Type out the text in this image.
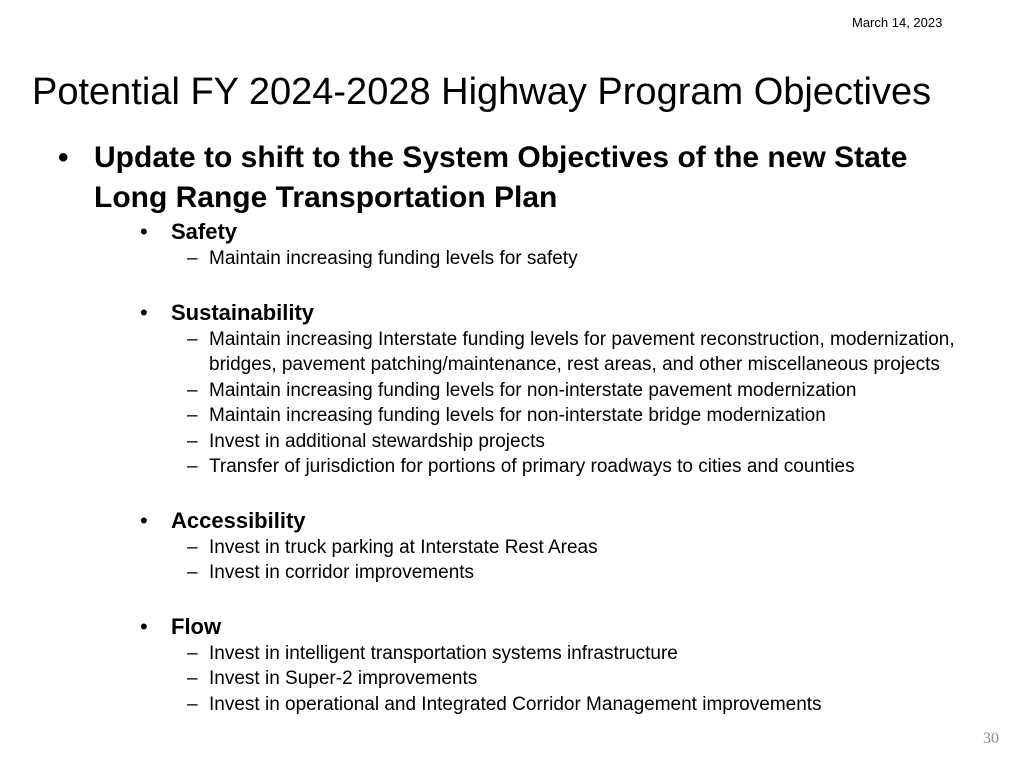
March 14, 2023
Potential FY 2024-2028 Highway Program Objectives
• Update to shift to the System Objectives of the new State Long Range Transportation Plan
• Safety
– Maintain increasing funding levels for safety
• Sustainability
– Maintain increasing Interstate funding levels for pavement reconstruction, modernization, bridges, pavement patching/maintenance, rest areas, and other miscellaneous projects
– Maintain increasing funding levels for non-interstate pavement modernization
– Maintain increasing funding levels for non-interstate bridge modernization
– Invest in additional stewardship projects
– Transfer of jurisdiction for portions of primary roadways to cities and counties
• Accessibility
– Invest in truck parking at Interstate Rest Areas
– Invest in corridor improvements
• Flow
– Invest in intelligent transportation systems infrastructure
– Invest in Super-2 improvements
– Invest in operational and Integrated Corridor Management improvements
30
